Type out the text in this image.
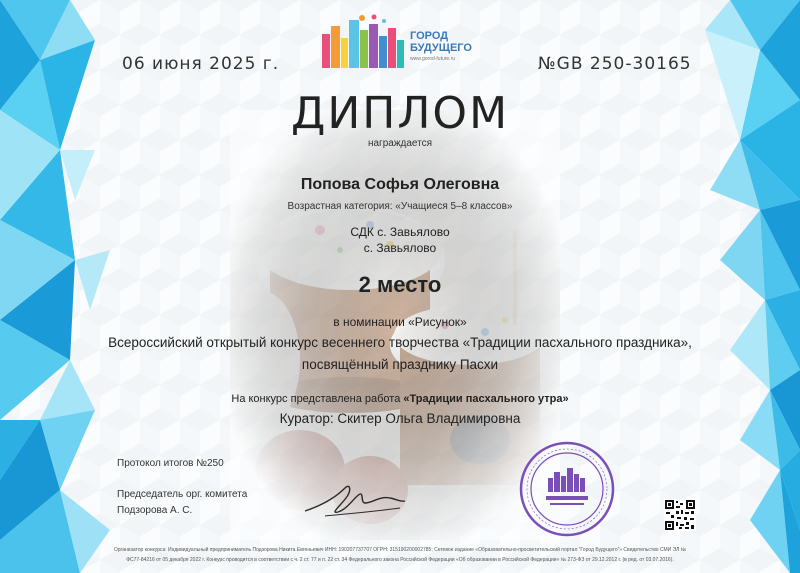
06 июня 2025 г.	№GB 250-30165
ГОРОД
БУДУЩЕГО
www.gorod-future.ru
ДИПЛОМ
награждается
Попова Софья Олеговна
Возрастная категория: «Учащиеся 5–8 классов»
СДК с. Завьялово
с. Завьялово
2 место
в номинации «Рисунок»
Всероссийский открытый конкурс весеннего творчества «Традиции пасхального праздника»,
посвящённый празднику Пасхи
На конкурс представлена работа «Традиции пасхального утра»
Куратор: Скитер Ольга Владимировна
Протокол итогов №250
Председатель орг. комитета
Подзорова А. С.
Организатор конкурса: Индивидуальный предприниматель Подзорова Никита Евгеньевич ИНН: 190207737707 ОГРН: 315190200002785; Сетевое издание «Образовательно-просветительский портал “Город Будущего”» Свидетельство СМИ ЭЛ №
ФС77-84216 от 05 декабря 2022 г. Конкурс проводится в соответствии с ч. 2 ст. 77 и п. 22 ст. 34 Федерального закона Российской Федерации «Об образовании в Российской Федерации» № 273-ФЗ от 29.12.2012 г. (в ред. от 03.07.2016).
